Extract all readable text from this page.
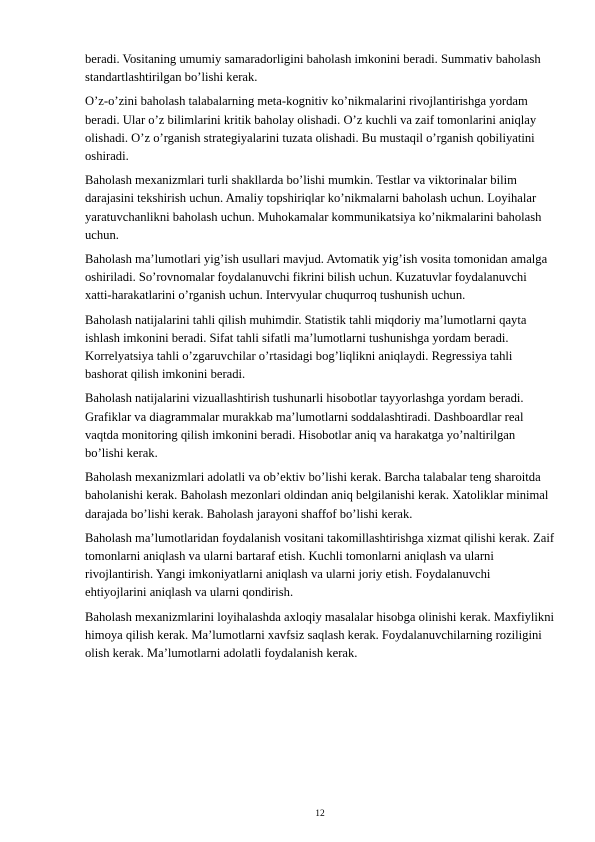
beradi. Vositaning umumiy samaradorligini baholash imkonini beradi. Summativ baholash standartlashtirilgan bo’lishi kerak.

O’z-o’zini baholash talabalarning meta-kognitiv ko’nikmalarini rivojlantirishga yordam beradi. Ular o’z bilimlarini kritik baholay olishadi. O’z kuchli va zaif tomonlarini aniqlay olishadi. O’z o’rganish strategiyalarini tuzata olishadi. Bu mustaqil o’rganish qobiliyatini oshiradi.

Baholash mexanizmlari turli shakllarda bo’lishi mumkin. Testlar va viktorinalar bilim darajasini tekshirish uchun. Amaliy topshiriqlar ko’nikmalarni baholash uchun. Loyihalar yaratuvchanlikni baholash uchun. Muhokamalar kommunikatsiya ko’nikmalarini baholash uchun.

Baholash ma’lumotlari yig’ish usullari mavjud. Avtomatik yig’ish vosita tomonidan amalga oshiriladi. So’rovnomalar foydalanuvchi fikrini bilish uchun. Kuzatuvlar foydalanuvchi xatti-harakatlarini o’rganish uchun. Intervyular chuqurroq tushunish uchun.

Baholash natijalarini tahli qilish muhimdir. Statistik tahli miqdoriy ma’lumotlarni qayta ishlash imkonini beradi. Sifat tahli sifatli ma’lumotlarni tushunishga yordam beradi. Korrelyatsiya tahli o’zgaruvchilar o’rtasidagi bog’liqlikni aniqlaydi. Regressiya tahli bashorat qilish imkonini beradi.

Baholash natijalarini vizuallashtirish tushunarli hisobotlar tayyorlashga yordam beradi. Grafiklar va diagrammalar murakkab ma’lumotlarni soddalashtiradi. Dashboardlar real vaqtda monitoring qilish imkonini beradi. Hisobotlar aniq va harakatga yo’naltirilgan bo’lishi kerak.

Baholash mexanizmlari adolatli va ob’ektiv bo’lishi kerak. Barcha talabalar teng sharoitda baholanishi kerak. Baholash mezonlari oldindan aniq belgilanishi kerak. Xatoliklar minimal darajada bo’lishi kerak. Baholash jarayoni shaffof bo’lishi kerak.

Baholash ma’lumotlaridan foydalanish vositani takomillashtirishga xizmat qilishi kerak. Zaif tomonlarni aniqlash va ularni bartaraf etish. Kuchli tomonlarni aniqlash va ularni rivojlantirish. Yangi imkoniyatlarni aniqlash va ularni joriy etish. Foydalanuvchi ehtiyojlarini aniqlash va ularni qondirish.

Baholash mexanizmlarini loyihalashda axloqiy masalalar hisobga olinishi kerak. Maxfiylikni himoya qilish kerak. Ma’lumotlarni xavfsiz saqlash kerak. Foydalanuvchilarning roziligini olish kerak. Ma’lumotlarni adolatli foydalanish kerak.

12
